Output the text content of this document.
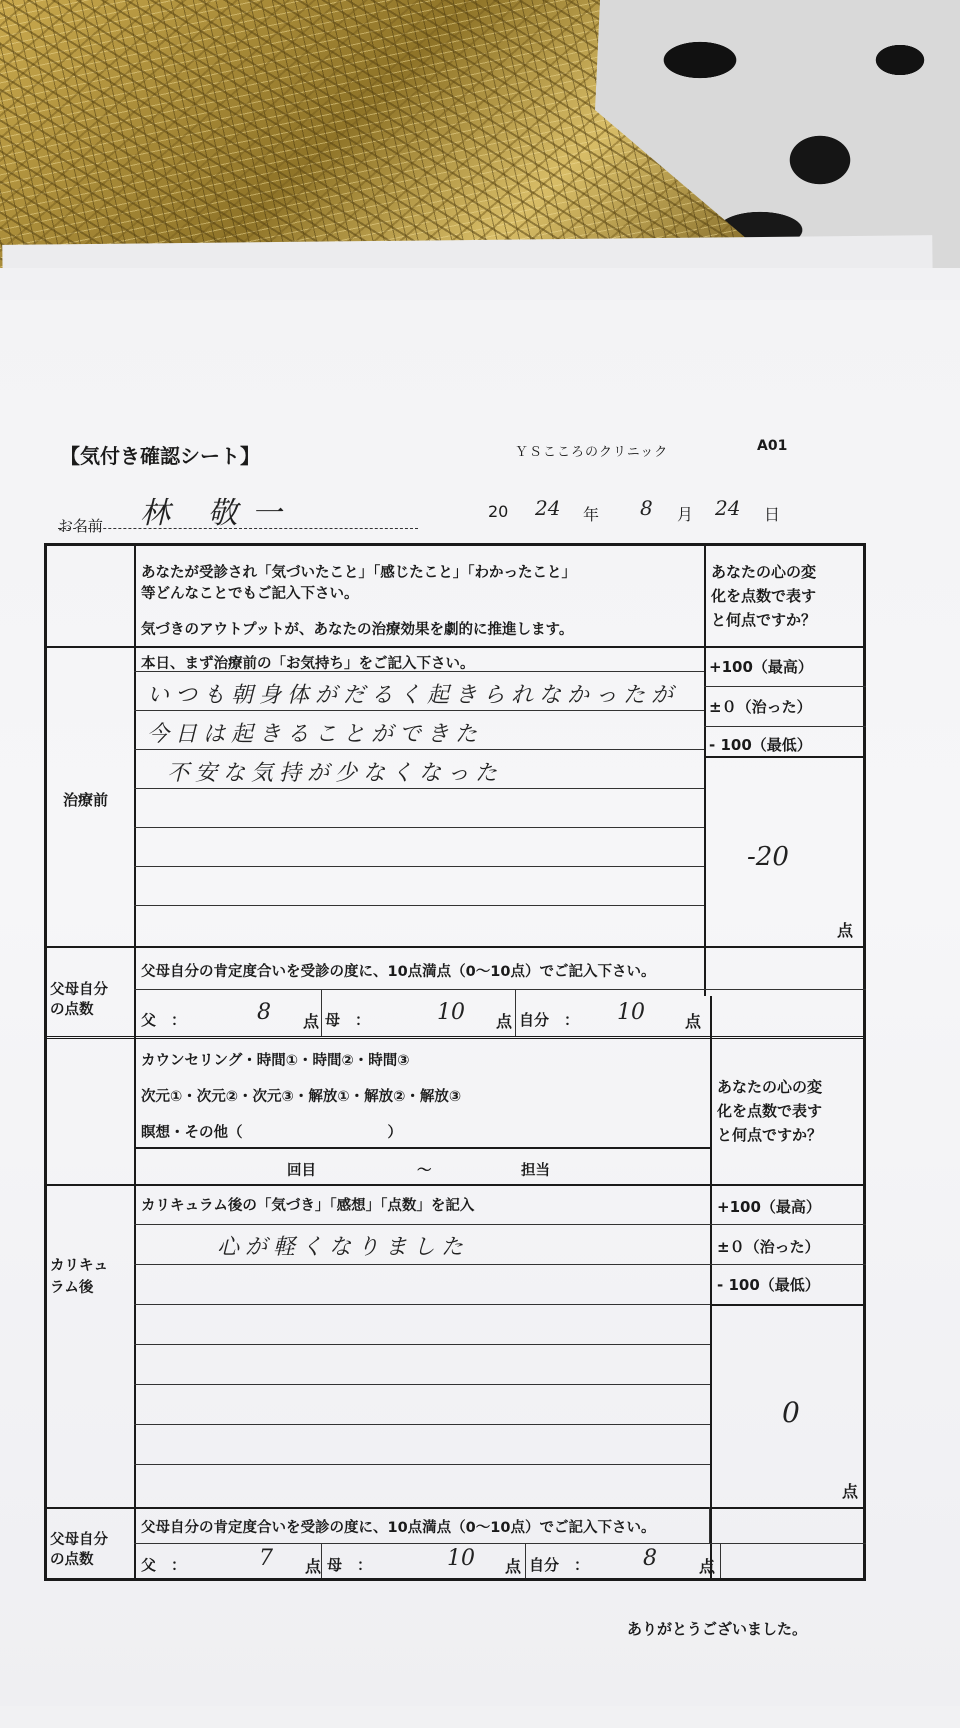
【気付き確認シート】	ＹＳこころのクリニック	A01
お名前 林 敬一	20 24 年 8 月 24 日
あなたが受診され「気づいたこと」「感じたこと」「わかったこと」
等どんなことでもご記入下さい。
気づきのアウトプットが、あなたの治療効果を劇的に推進します。
あなたの心の変
化を点数で表す
と何点ですか？
治療前
本日、まず治療前の「お気持ち」をご記入下さい。
いつも朝身体がだるく起きられなかったが
今日は起きることができた
不安な気持が少なくなった
+100（最高）
±０（治った）
- 100（最低）
-20
点
父母自分
の点数
父母自分の肯定度合いを受診の度に、10点満点（0〜10点）でご記入下さい。
父　：	8 点 母　：	10 点 自分　： 10	点
カウンセリング・時間①・時間②・時間③
次元①・次元②・次元③・解放①・解放②・解放③
瞑想・その他（　　　　　　　　　　）
回目	〜	担当
あなたの心の変
化を点数で表す
と何点ですか？
カリキュ
ラム後
カリキュラム後の「気づき」「感想」「点数」を記入
心が軽くなりました
+100（最高）
±０（治った）
- 100（最低）
0
点
父母自分
の点数
父母自分の肯定度合いを受診の度に、10点満点（0〜10点）でご記入下さい。
父　：	7 点 母　：	10 点 自分　： 8	点
ありがとうございました。
